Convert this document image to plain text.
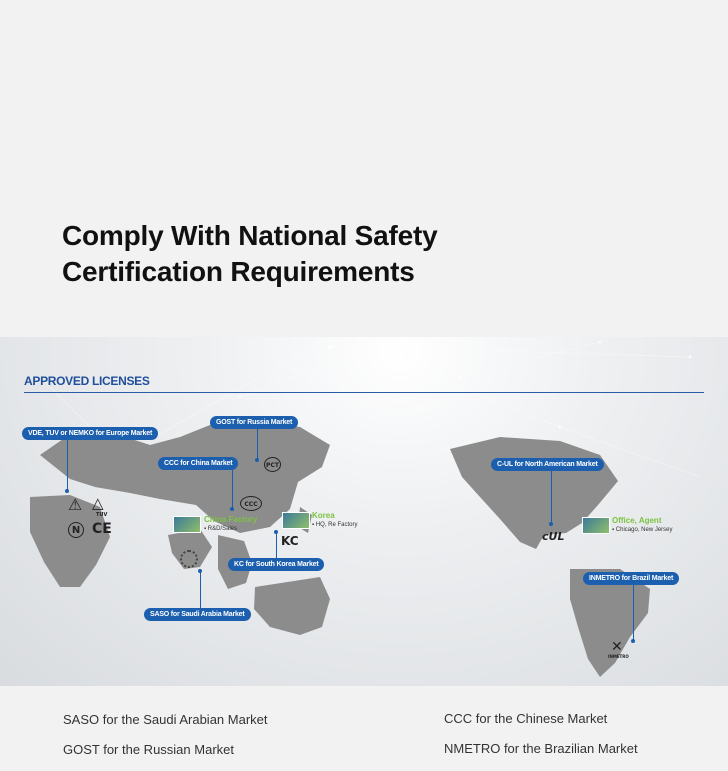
Comply With National Safety
Certification Requirements
APPROVED LICENSES
VDE, TUV or NEMKO for Europe Market
⚠ △
TUV
N CE
GOST for Russia Market
PCT
CCC for China Market
CCC
China Factory
▪ R&D/Sales
Korea
▪ HQ, Re Factory
KC
KC for South Korea Market
SASO for Saudi Arabia Market
C-UL for North American Market
cUL
Office, Agent
▪ Chicago, New Jersey
INMETRO for Brazil Market
✕
INMETRO
SASO for the Saudi Arabian Market
GOST for the Russian Market
CCC for the Chinese Market
NMETRO for the Brazilian Market
